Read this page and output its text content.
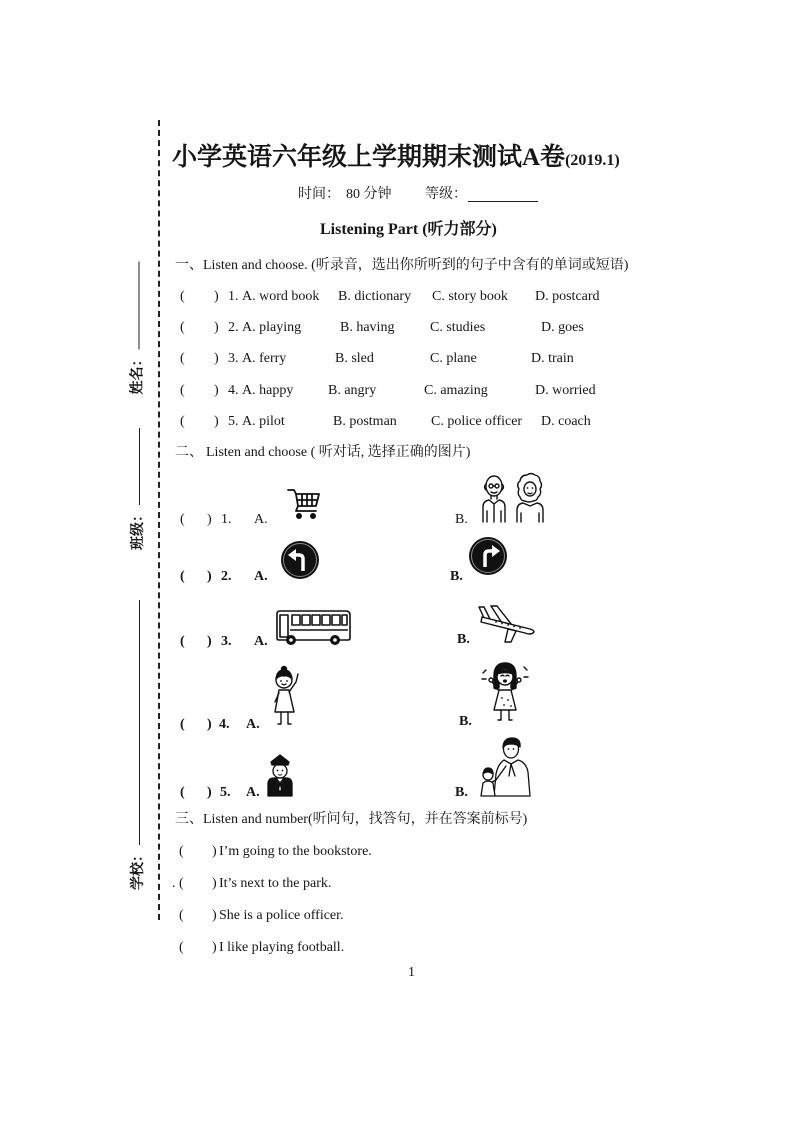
姓名：
班级：
学校：
小学英语六年级上学期期末测试A卷(2019.1)
时间： 80 分钟 等级：
Listening Part (听力部分)
一、Listen and choose. (听录音，选出你所听到的句子中含有的单词或短语)
( ) 1. A. word book B. dictionary C. story book D. postcard
( ) 2. A. playing	B. having	C. studies	D. goes
( ) 3. A. ferry	B. sled	C. plane	D. train
( ) 4. A. happy B. angry	C. amazing	D. worried
( ) 5. A. pilot	B. postman C. police officer D. coach
二、 Listen and choose ( 听对话, 选择正确的图片)
( ) 1. A.	B.
( ) 2. A.	B.
( ) 3. A.	B.
( ) 4. A.	B.
( ) 5. A.	B.
三、Listen and number(听问句，找答句，并在答案前标号)
( ) I’m going to the bookstore.
. ( ) It’s next to the park.
( ) She is a police officer.
( ) I like playing football.
1
